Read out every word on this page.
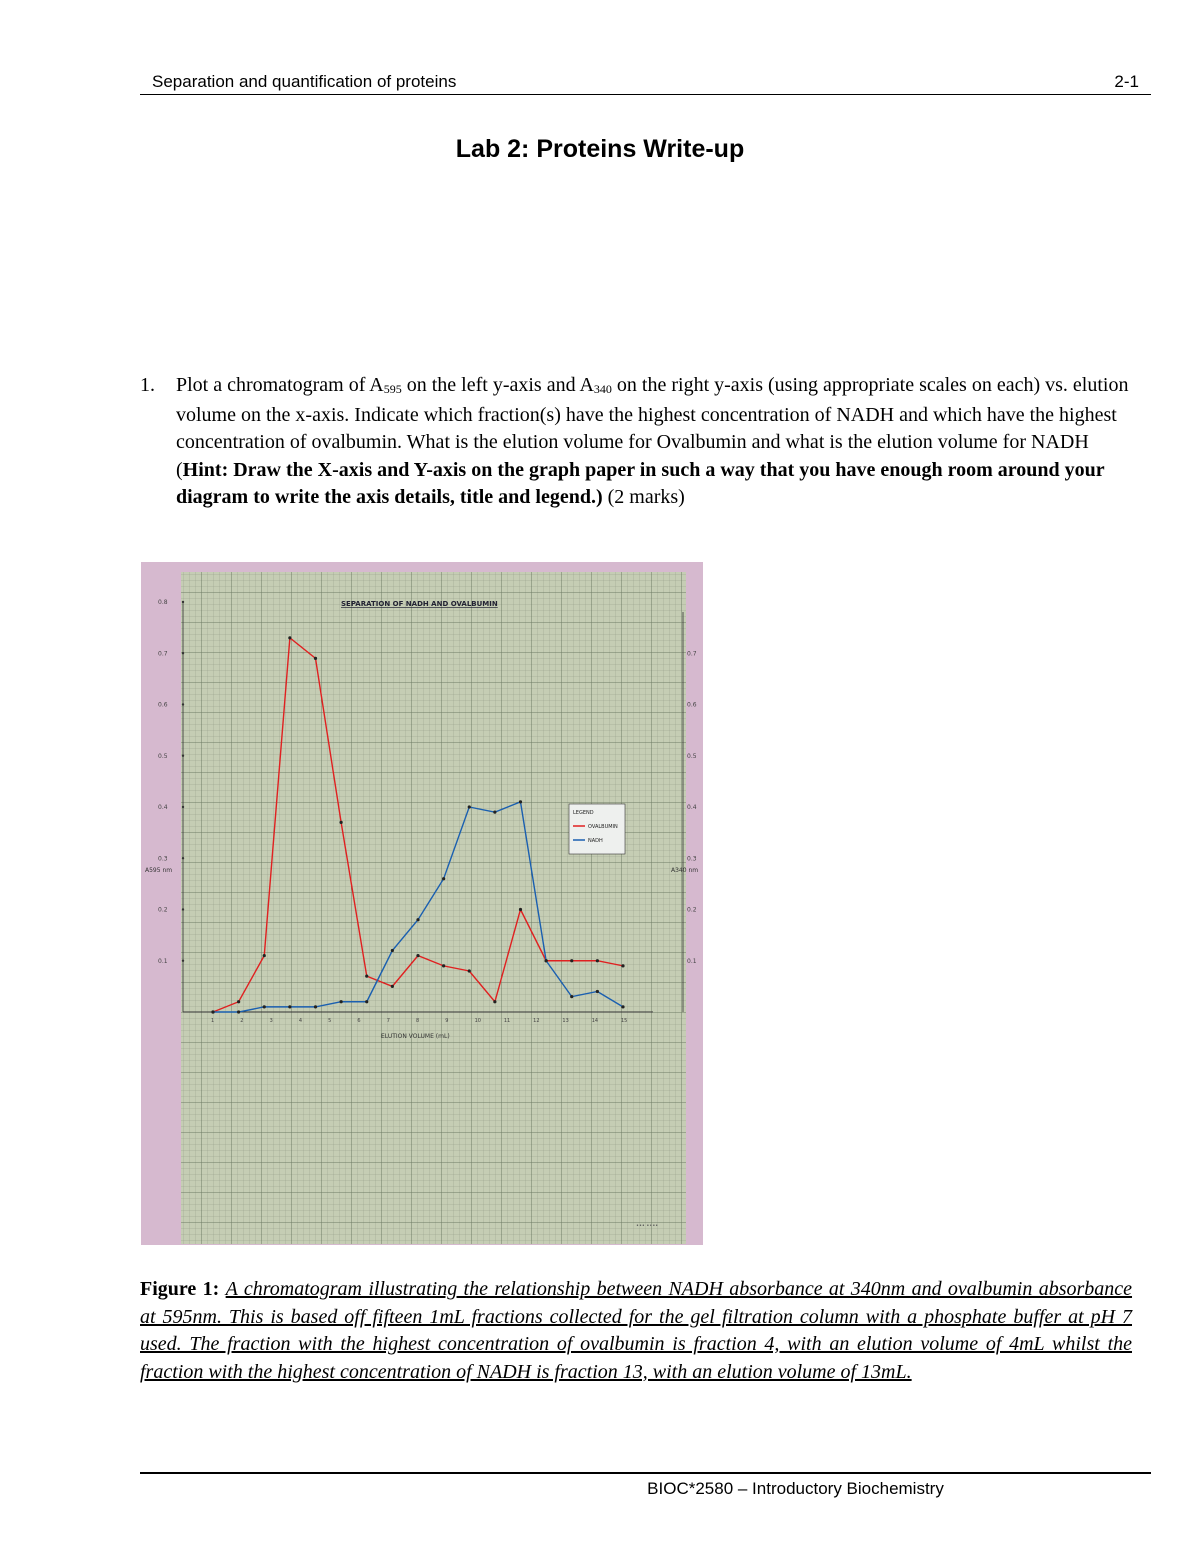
Separation and quantification of proteins	2-1
Lab 2: Proteins Write-up
1. Plot a chromatogram of $A_{595}$ on the left y-axis and $A_{340}$ on the right y-axis (using appropriate scales on each) vs. elution volume on the x-axis. Indicate which fraction(s) have the highest concentration of NADH and which have the highest concentration of ovalbumin. What is the elution volume for Ovalbumin and what is the elution volume for NADH (Hint: Draw the X-axis and Y-axis on the graph paper in such a way that you have enough room around your diagram to write the axis details, title and legend.) (2 marks)
0.1
0.2
0.3
0.4
0.5
0.6
0.7
0.8
0.1
0.2
0.3
0.4
0.5
0.6
0.7
1	2	3	4	5	6	7	8	9	10	11	12	13	14	15
SEPARATION OF NADH AND OVALBUMIN
ELUTION VOLUME (mL)
A595 nm	A340 nm
LEGEND
OVALBUMIN
NADH
••• ••••
Figure 1: A chromatogram illustrating the relationship between NADH absorbance at 340nm and ovalbumin absorbance at 595nm. This is based off fifteen 1mL fractions collected for the gel filtration column with a phosphate buffer at pH 7 used. The fraction with the highest concentration of ovalbumin is fraction 4, with an elution volume of 4mL whilst the fraction with the highest concentration of NADH is fraction 13, with an elution volume of 13mL.
BIOC*2580 – Introductory Biochemistry
